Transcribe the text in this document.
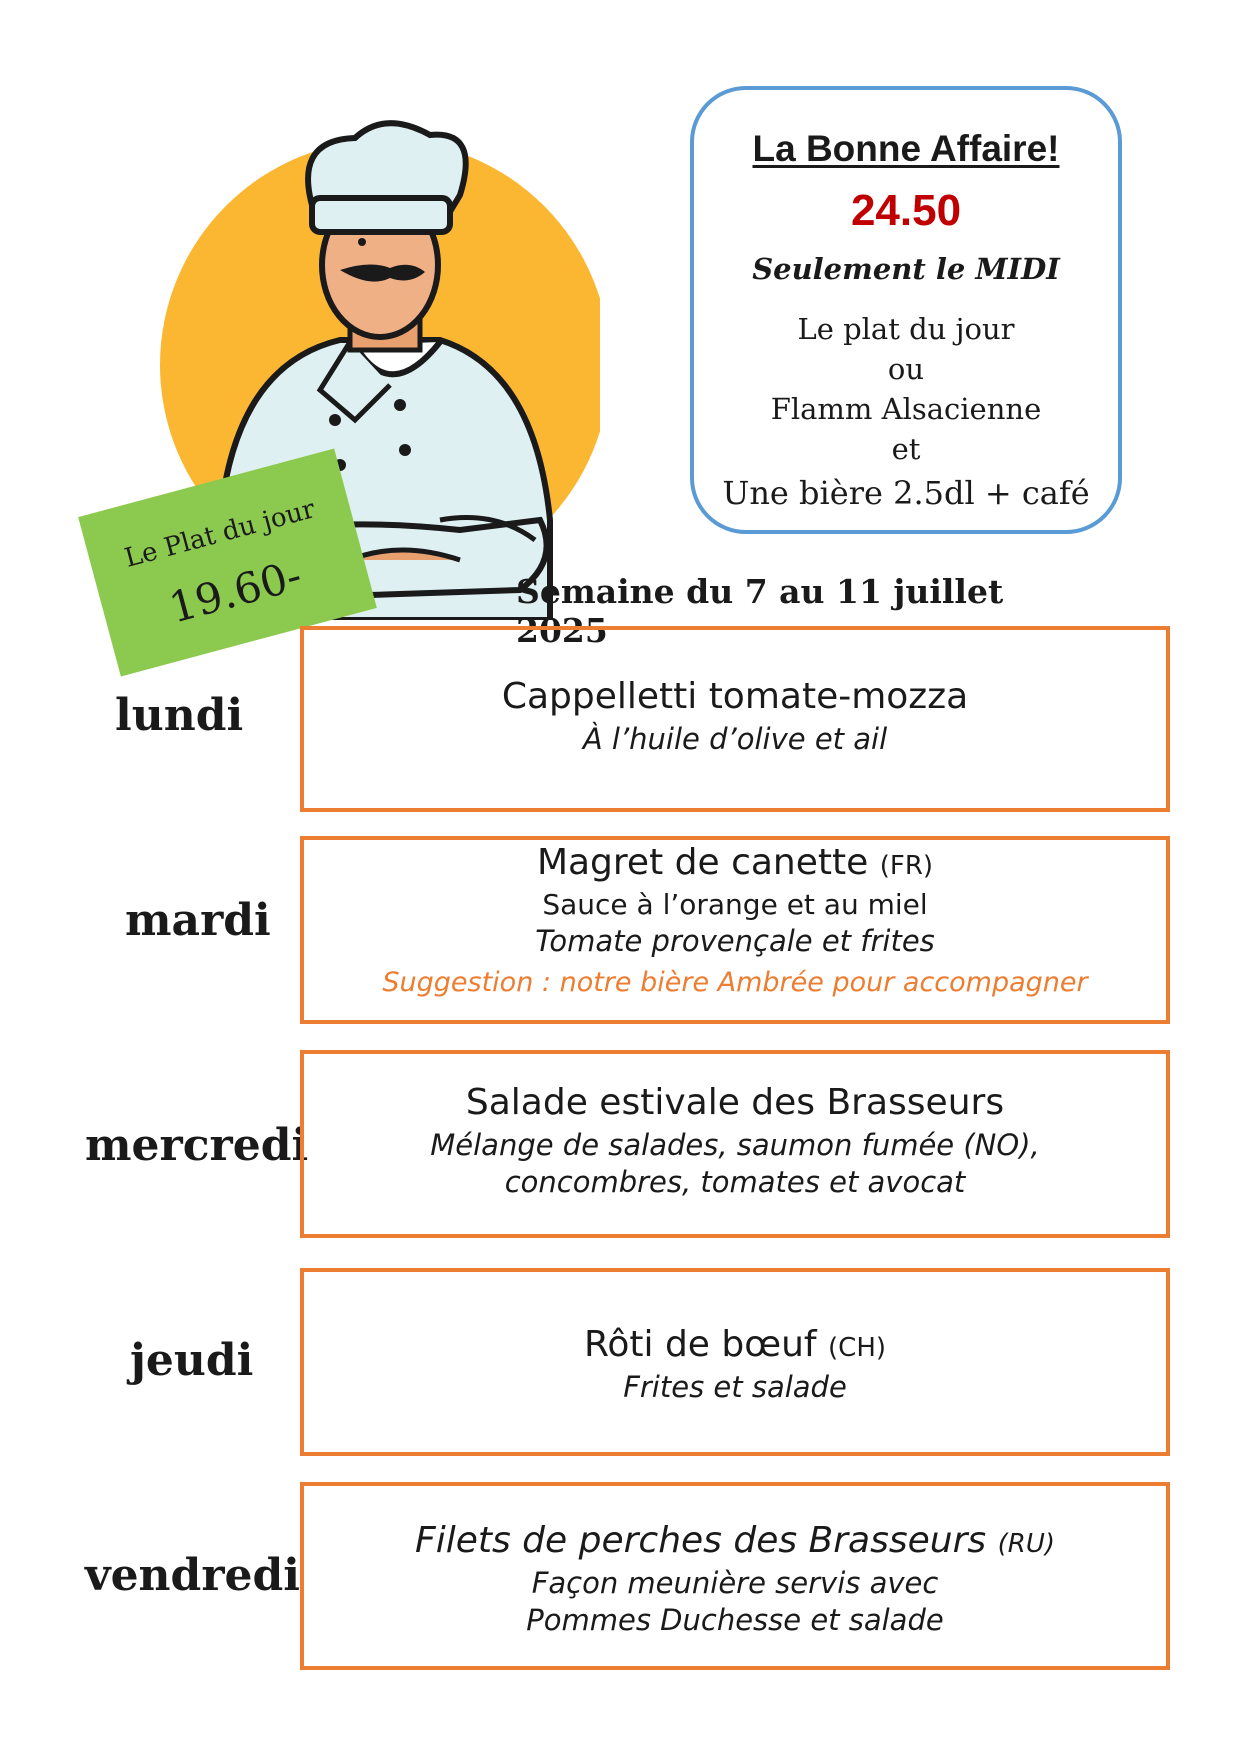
Le Plat du jour
19.60-
La Bonne Affaire!
24.50
Seulement le MIDI
Le plat du jour
ou
Flamm Alsacienne
et
Une bière 2.5dl + café
Semaine du 7 au 11 juillet 2025
lundi	Cappelletti tomate-mozza
À l’huile d’olive et ail
mardi
Magret de canette (FR)
Sauce à l’orange et au miel
Tomate provençale et frites
Suggestion : notre bière Ambrée pour accompagner
mercredi
Salade estivale des Brasseurs
Mélange de salades, saumon fumée (NO),
concombres, tomates et avocat
jeudi	Rôti de bœuf (CH)
Frites et salade
vendredi
Filets de perches des Brasseurs (RU)
Façon meunière servis avec
Pommes Duchesse et salade
